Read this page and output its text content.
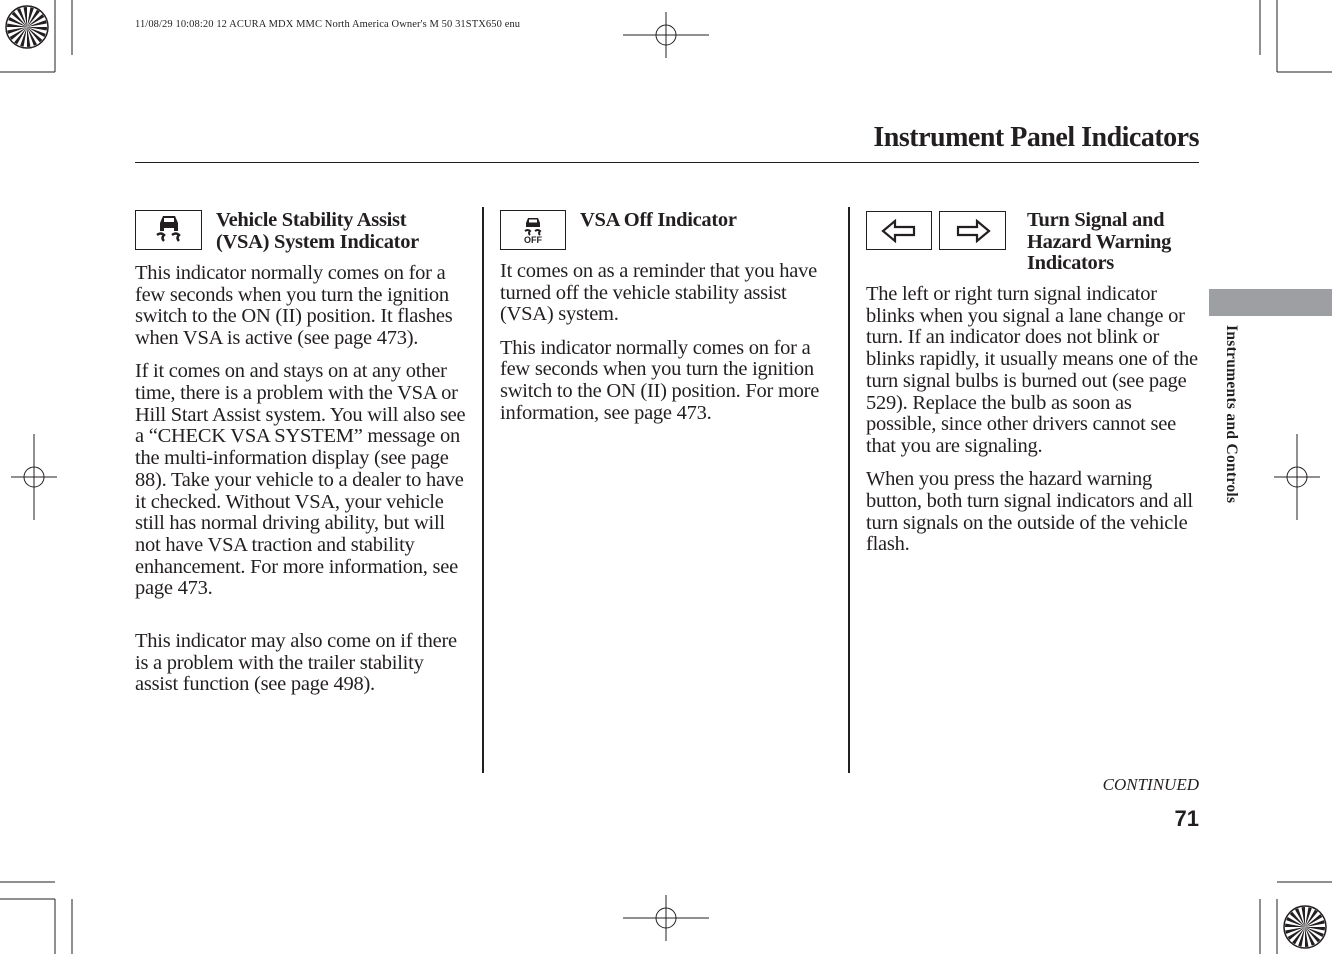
11/08/29 10:08:20 12 ACURA MDX MMC North America Owner's M 50 31STX650 enu
Instrument Panel Indicators

Vehicle Stability Assist

(VSA) System Indicator

This indicator normally comes on for a few seconds when you turn the ignition switch to the ON (II) position. It flashes when VSA is active (see page 473).

If it comes on and stays on at any other time, there is a problem with the VSA or Hill Start Assist system. You will also see a “CHECK VSA SYSTEM” message on the multi-information display (see page 88). Take your vehicle to a dealer to have it checked. Without VSA, your vehicle still has normal driving ability, but will not have VSA traction and stability enhancement. For more information, see page 473.

This indicator may also come on if there is a problem with the trailer stability assist function (see page 498).

OFF

VSA Off Indicator

It comes on as a reminder that you have turned off the vehicle stability assist (VSA) system.

This indicator normally comes on for a few seconds when you turn the ignition switch to the ON (II) position. For more information, see page 473.

Turn Signal and

Hazard Warning

Indicators

The left or right turn signal indicator blinks when you signal a lane change or turn. If an indicator does not blink or blinks rapidly, it usually means one of the turn signal bulbs is burned out (see page 529). Replace the bulb as soon as possible, since other drivers cannot see that you are signaling.

When you press the hazard warning button, both turn signal indicators and all turn signals on the outside of the vehicle flash.

Instruments and Controls
CONTINUED
71
